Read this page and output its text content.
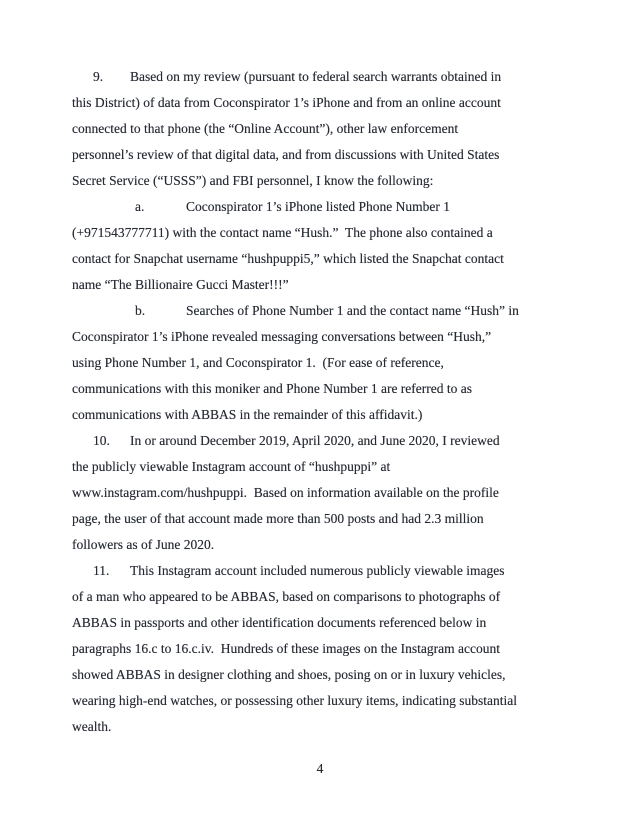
9. Based on my review (pursuant to federal search warrants obtained in
this District) of data from Coconspirator 1’s iPhone and from an online account
connected to that phone (the “Online Account”), other law enforcement
personnel’s review of that digital data, and from discussions with United States
Secret Service (“USSS”) and FBI personnel, I know the following:
a.	Coconspirator 1’s iPhone listed Phone Number 1
(+971543777711) with the contact name “Hush.”  The phone also contained a
contact for Snapchat username “hushpuppi5,” which listed the Snapchat contact
name “The Billionaire Gucci Master!!!”
b.	Searches of Phone Number 1 and the contact name “Hush” in
Coconspirator 1’s iPhone revealed messaging conversations between “Hush,”
using Phone Number 1, and Coconspirator 1.  (For ease of reference,
communications with this moniker and Phone Number 1 are referred to as
communications with ABBAS in the remainder of this affidavit.)
10. In or around December 2019, April 2020, and June 2020, I reviewed
the publicly viewable Instagram account of “hushpuppi” at
www.instagram.com/hushpuppi.  Based on information available on the profile
page, the user of that account made more than 500 posts and had 2.3 million
followers as of June 2020.
11. This Instagram account included numerous publicly viewable images
of a man who appeared to be ABBAS, based on comparisons to photographs of
ABBAS in passports and other identification documents referenced below in
paragraphs 16.c to 16.c.iv.  Hundreds of these images on the Instagram account
showed ABBAS in designer clothing and shoes, posing on or in luxury vehicles,
wearing high-end watches, or possessing other luxury items, indicating substantial
wealth.
4
